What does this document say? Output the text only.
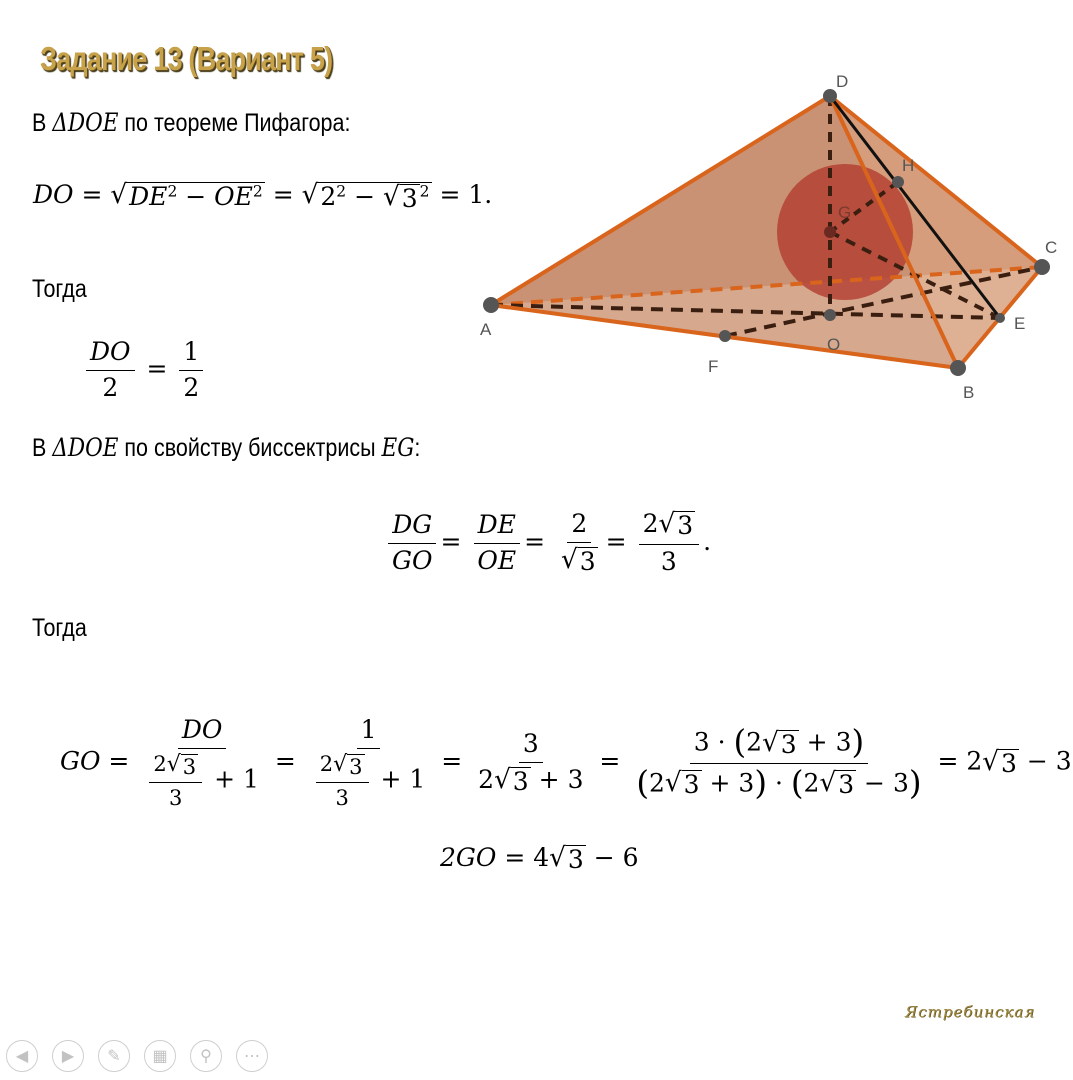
Задание 13 (Вариант 5)
В ΔDOE по теореме Пифагора:
DO = √ $DE^2 - OE^2$ = √ $2^2$ − √ 3 $^2$ = 1.
Тогда
$\frac{DO}{2} = \frac{1}{2}$
В ΔDOE по свойству биссектрисы EG:
$\frac{DG}{GO} = \frac{DE}{OE} = \frac{2}{√ 3} = \frac{2 √ 3}{3}$ .
Тогда
GO = $\frac{DO}{\frac{2 √ 3}{3} + 1} = \frac{1}{\frac{2 √ 3}{3} + 1} = \frac{3}{2 √ 3 + 3} = \frac{3 \cdot (2 √ 3 + 3)}{(2 √ 3 + 3) \cdot (2 √ 3 - 3)} = 2$ √ 3 − 3
2GO = 4 √ 3 − 6
A
D
C
B
E
F
O
H
G
Ястребинская
◀	▶	✎	▦	⚲	⋯
